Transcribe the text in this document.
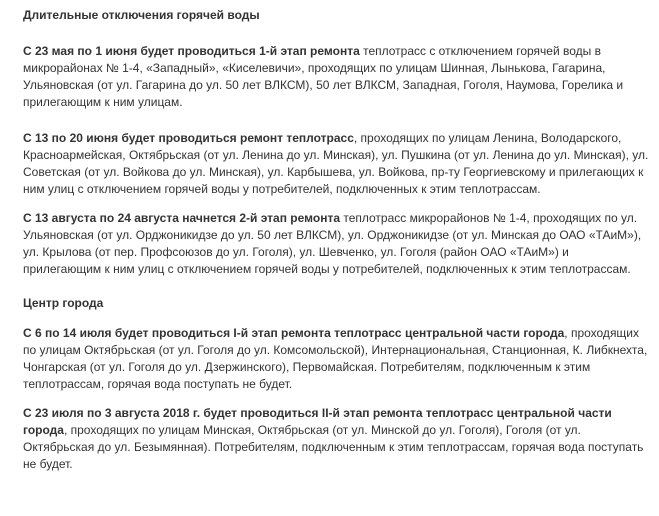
Длительные отключения горячей воды

С 23 мая по 1 июня будет проводиться 1-й этап ремонта теплотрасс с отключением горячей воды в микрорайонах № 1-4, «Западный», «Киселевичи», проходящих по улицам Шинная, Лынькова, Гагарина, Ульяновская (от ул. Гагарина до ул. 50 лет ВЛКСМ), 50 лет ВЛКСМ, Западная, Гоголя, Наумова, Горелика и прилегающим к ним улицам.

С 13 по 20 июня будет проводиться ремонт теплотрасс, проходящих по улицам Ленина, Володарского, Красноармейская, Октябрьская (от ул. Ленина до ул. Минская), ул. Пушкина (от ул. Ленина до ул. Минская), ул. Советская (от ул. Войкова до ул. Минская), ул. Карбышева, ул. Войкова, пр-ту Георгиевскому и прилегающих к ним улиц с отключением горячей воды у потребителей, подключенных к этим теплотрассам.

С 13 августа по 24 августа начнется 2-й этап ремонта теплотрасс микрорайонов № 1-4, проходящих по ул. Ульяновская (от ул. Орджоникидзе до ул. 50 лет ВЛКСМ), ул. Орджоникидзе (от ул. Минская до ОАО «ТАиМ»), ул. Крылова (от пер. Профсоюзов до ул. Гоголя), ул. Шевченко, ул. Гоголя (район ОАО «ТАиМ») и прилегающим к ним улиц с отключением горячей воды у потребителей, подключенных к этим теплотрассам.

Центр города

С 6 по 14 июля будет проводиться I-й этап ремонта теплотрасс центральной части города, проходящих по улицам Октябрьская (от ул. Гоголя до ул. Комсомольской), Интернациональная, Станционная, К. Либкнехта, Чонгарская (от ул. Гоголя до ул. Дзержинского), Первомайская. Потребителям, подключенным к этим теплотрассам, горячая вода поступать не будет.

С 23 июля по 3 августа 2018 г. будет проводиться II-й этап ремонта теплотрасс центральной части города, проходящих по улицам Минская, Октябрьская (от ул. Минской до ул. Гоголя), Гоголя (от ул. Октябрьская до ул. Безымянная). Потребителям, подключенным к этим теплотрассам, горячая вода поступать не будет.
